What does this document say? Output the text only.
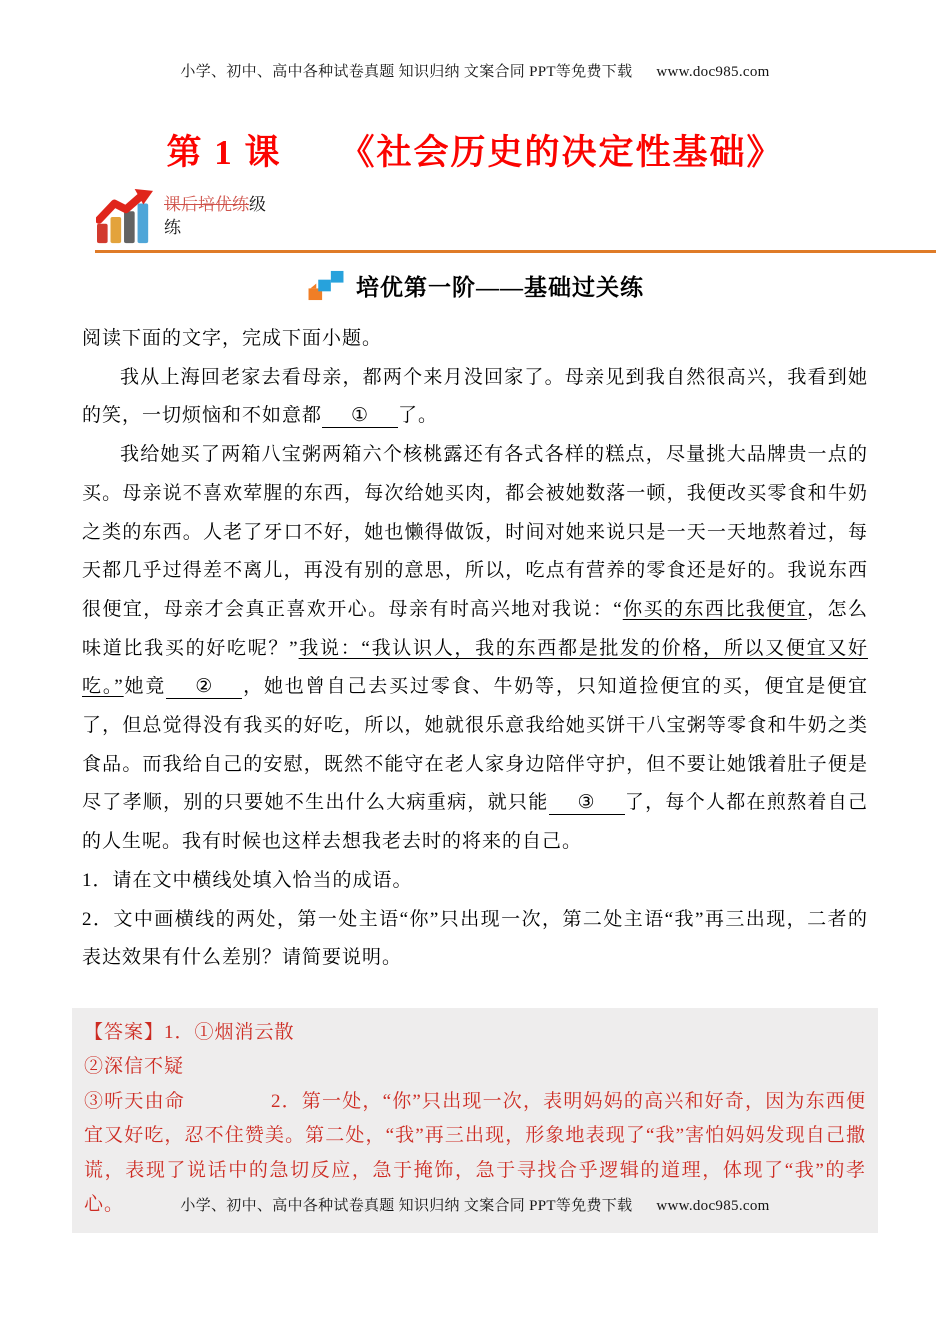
小学、初中、高中各种试卷真题 知识归纳 文案合同 PPT等免费下载 www.doc985.com
第 1 课 《社会历史的决定性基础》
课后培优练级
练
培优第一阶——基础过关练

阅读下面的文字，完成下面小题。

我从上海回老家去看母亲，都两个来月没回家了。母亲见到我自然很高兴，我看到她的笑，一切烦恼和不如意都 ① 了。

我给她买了两箱八宝粥两箱六个核桃露还有各式各样的糕点，尽量挑大品牌贵一点的买。母亲说不喜欢荤腥的东西，每次给她买肉，都会被她数落一顿，我便改买零食和牛奶之类的东西。人老了牙口不好，她也懒得做饭，时间对她来说只是一天一天地熬着过，每天都几乎过得差不离儿，再没有别的意思，所以，吃点有营养的零食还是好的。我说东西很便宜，母亲才会真正喜欢开心。母亲有时高兴地对我说：“你买的东西比我便宜，怎么味道比我买的好吃呢？”我说：“我认识人，我的东西都是批发的价格，所以又便宜又好吃。”她竟 ② ，她也曾自己去买过零食、牛奶等，只知道捡便宜的买，便宜是便宜了，但总觉得没有我买的好吃，所以，她就很乐意我给她买饼干八宝粥等零食和牛奶之类食品。而我给自己的安慰，既然不能守在老人家身边陪伴守护，但不要让她饿着肚子便是尽了孝顺，别的只要她不生出什么大病重病，就只能 ③ 了，每个人都在煎熬着自己的人生呢。我有时候也这样去想我老去时的将来的自己。

1．请在文中横线处填入恰当的成语。

2．文中画横线的两处，第一处主语“你”只出现一次，第二处主语“我”再三出现，二者的表达效果有什么差别？请简要说明。

【答案】1．①烟消云散

②深信不疑

③听天由命	2．第一处，“你”只出现一次，表明妈妈的高兴和好奇，因为东西便宜又好吃，忍不住赞美。第二处，“我”再三出现，形象地表现了“我”害怕妈妈发现自己撒谎，表现了说话中的急切反应，急于掩饰，急于寻找合乎逻辑的道理，体现了“我”的孝心。	小学、初中、高中各种试卷真题 知识归纳 文案合同 PPT等免费下载 www.doc985.com
